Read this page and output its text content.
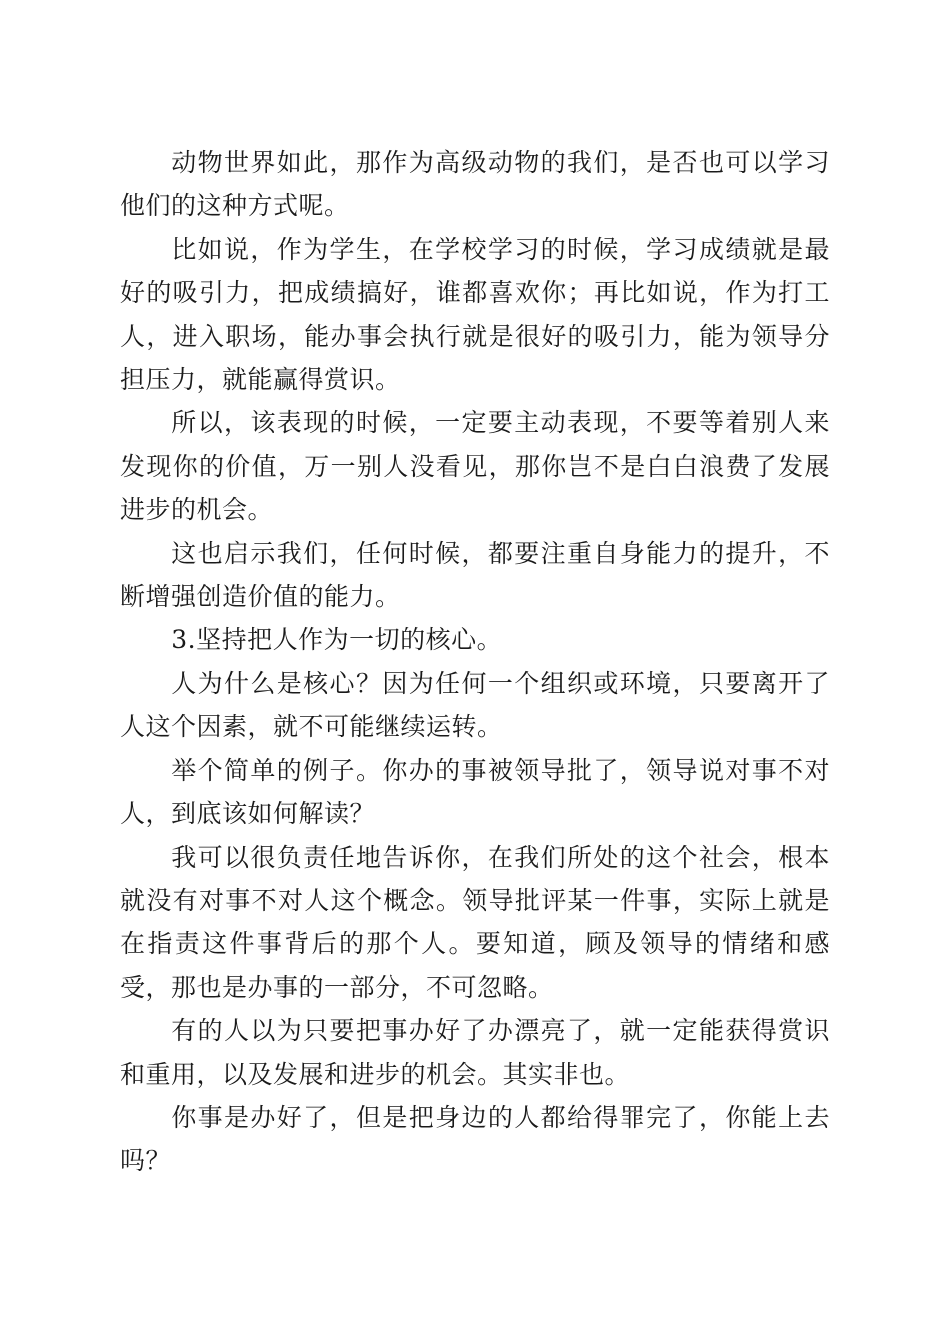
动物世界如此，那作为高级动物的我们，是否也可以学习他们的这种方式呢。

比如说，作为学生，在学校学习的时候，学习成绩就是最好的吸引力，把成绩搞好，谁都喜欢你；再比如说，作为打工人，进入职场，能办事会执行就是很好的吸引力，能为领导分担压力，就能赢得赏识。

所以，该表现的时候，一定要主动表现，不要等着别人来发现你的价值，万一别人没看见，那你岂不是白白浪费了发展进步的机会。

这也启示我们，任何时候，都要注重自身能力的提升，不断增强创造价值的能力。

3.坚持把人作为一切的核心。

人为什么是核心？因为任何一个组织或环境，只要离开了人这个因素，就不可能继续运转。

举个简单的例子。你办的事被领导批了，领导说对事不对人，到底该如何解读？

我可以很负责任地告诉你，在我们所处的这个社会，根本就没有对事不对人这个概念。领导批评某一件事，实际上就是在指责这件事背后的那个人。要知道，顾及领导的情绪和感受，那也是办事的一部分，不可忽略。

有的人以为只要把事办好了办漂亮了，就一定能获得赏识和重用，以及发展和进步的机会。其实非也。

你事是办好了，但是把身边的人都给得罪完了，你能上去吗？
